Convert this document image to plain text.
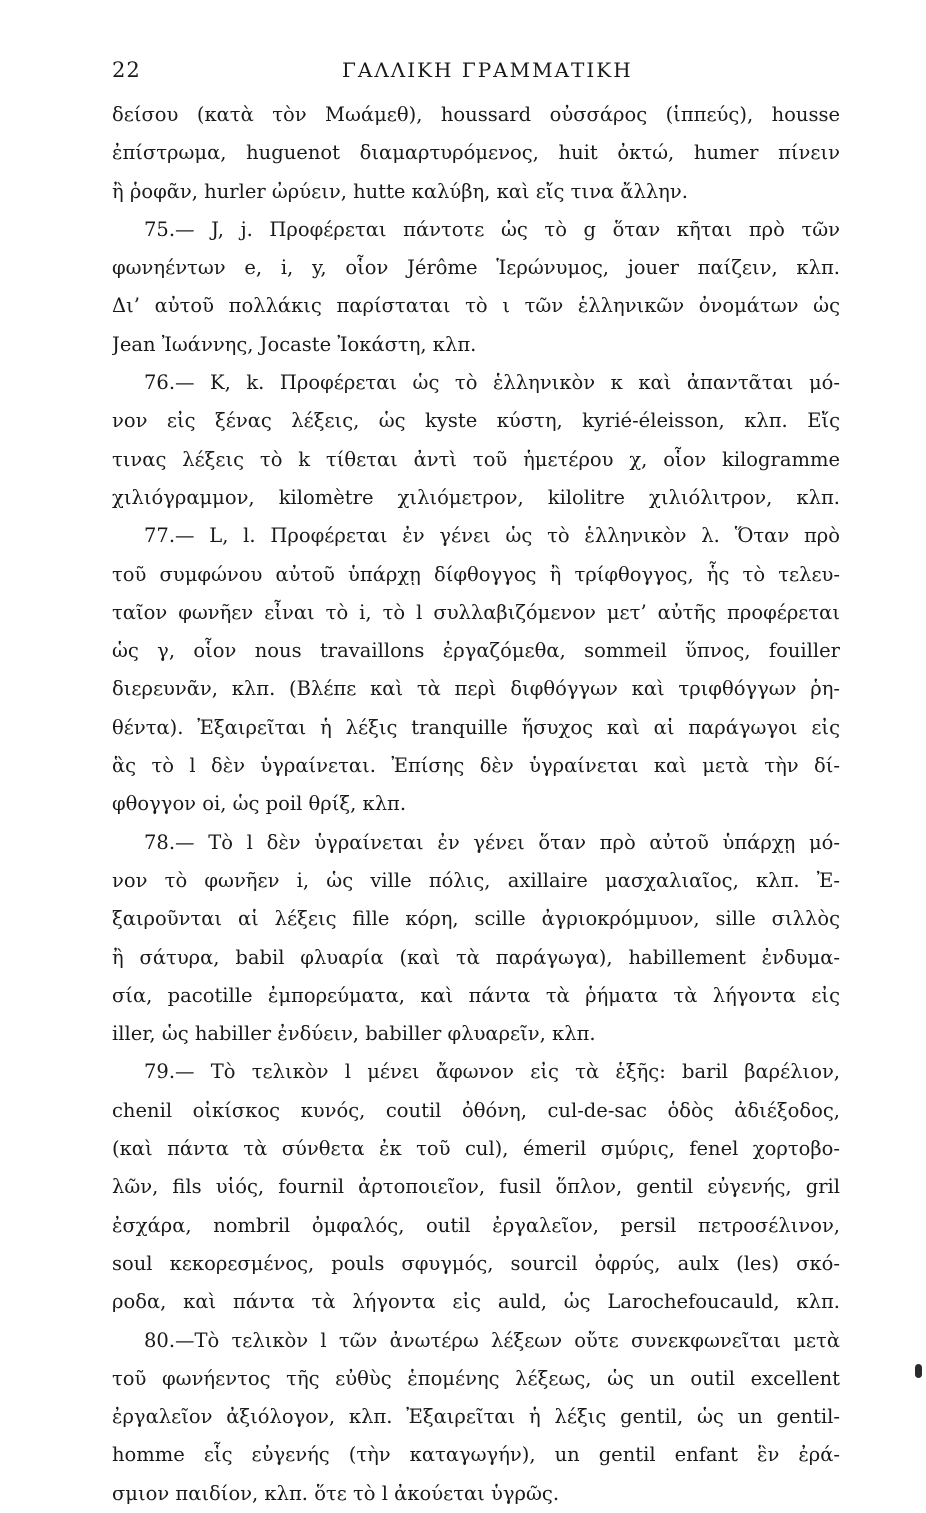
22	ΓΑΛΛΙΚΗ ΓΡΑΜΜΑΤΙΚΗ
δείσου (κατὰ τὸν Μωάμεθ), houssard οὐσσάρος (ἱππεύς), housse
ἐπίστρωμα, huguenot διαμαρτυρόμενος, huit ὀκτώ, humer πίνειν
ἢ ῥοφᾶν, hurler ὠρύειν, hutte καλύβη, καὶ εἴς τινα ἄλλην.
75.— J, j. Προφέρεται πάντοτε ὡς τὸ g ὅταν κῆται πρὸ τῶν
φωνηέντων e, i, y, οἷον Jérôme Ἱερώνυμος, jouer παίζειν, κλπ.
Δι’ αὐτοῦ πολλάκις παρίσταται τὸ ι τῶν ἑλληνικῶν ὀνομάτων ὡς
Jean Ἰωάννης, Jocaste Ἰοκάστη, κλπ.
76.— K, k. Προφέρεται ὡς τὸ ἑλληνικὸν κ καὶ ἀπαντᾶται μό-
νον εἰς ξένας λέξεις, ὡς kyste κύστη, kyrié-éleisson, κλπ. Εἴς
τινας λέξεις τὸ k τίθεται ἀντὶ τοῦ ἡμετέρου χ, οἷον kilogramme
χιλιόγραμμον, kilomètre χιλιόμετρον, kilolitre χιλιόλιτρον, κλπ.
77.— L, l. Προφέρεται ἐν γένει ὡς τὸ ἑλληνικὸν λ. Ὅταν πρὸ
τοῦ συμφώνου αὐτοῦ ὑπάρχῃ δίφθογγος ἢ τρίφθογγος, ἧς τὸ τελευ-
ταῖον φωνῆεν εἶναι τὸ i, τὸ l συλλαβιζόμενον μετ’ αὐτῆς προφέρεται
ὡς γ, οἷον nous travaillons ἐργαζόμεθα, sommeil ὕπνος, fouiller
διερευνᾶν, κλπ. (Βλέπε καὶ τὰ περὶ διφθόγγων καὶ τριφθόγγων ῥη-
θέντα). Ἐξαιρεῖται ἡ λέξις tranquille ἥσυχος καὶ αἱ παράγωγοι εἰς
ἃς τὸ l δὲν ὑγραίνεται. Ἐπίσης δὲν ὑγραίνεται καὶ μετὰ τὴν δί-
φθογγον oi, ὡς poil θρίξ, κλπ.
78.— Τὸ l δὲν ὑγραίνεται ἐν γένει ὅταν πρὸ αὐτοῦ ὑπάρχῃ μό-
νον τὸ φωνῆεν i, ὡς ville πόλις, axillaire μασχαλιαῖος, κλπ. Ἐ-
ξαιροῦνται αἱ λέξεις fille κόρη, scille ἀγριοκρόμμυον, sille σιλλὸς
ἢ σάτυρα, babil φλυαρία (καὶ τὰ παράγωγα), habillement ἐνδυμα-
σία, pacotille ἐμπορεύματα, καὶ πάντα τὰ ῥήματα τὰ λήγοντα εἰς
iller, ὡς habiller ἐνδύειν, babiller φλυαρεῖν, κλπ.
79.— Τὸ τελικὸν l μένει ἄφωνον εἰς τὰ ἑξῆς: baril βαρέλιον,
chenil οἰκίσκος κυνός, coutil ὀθόνη, cul-de-sac ὁδὸς ἀδιέξοδος,
(καὶ πάντα τὰ σύνθετα ἐκ τοῦ cul), émeril σμύρις, fenel χορτοβο-
λῶν, fils υἱός, fournil ἀρτοποιεῖον, fusil ὅπλον, gentil εὐγενής, gril
ἐσχάρα, nombril ὀμφαλός, outil ἐργαλεῖον, persil πετροσέλινον,
soul κεκορεσμένος, pouls σφυγμός, sourcil ὀφρύς, aulx (les) σκό-
ροδα, καὶ πάντα τὰ λήγοντα εἰς auld, ὡς Larochefoucauld, κλπ.
80.—Τὸ τελικὸν l τῶν ἀνωτέρω λέξεων οὔτε συνεκφωνεῖται μετὰ
τοῦ φωνήεντος τῆς εὐθὺς ἑπομένης λέξεως, ὡς un outil excellent
ἐργαλεῖον ἀξιόλογον, κλπ. Ἐξαιρεῖται ἡ λέξις gentil, ὡς un gentil-
homme εἷς εὐγενής (τὴν καταγωγήν), un gentil enfant ἓν ἐρά-
σμιον παιδίον, κλπ. ὅτε τὸ l ἀκούεται ὑγρῶς.
